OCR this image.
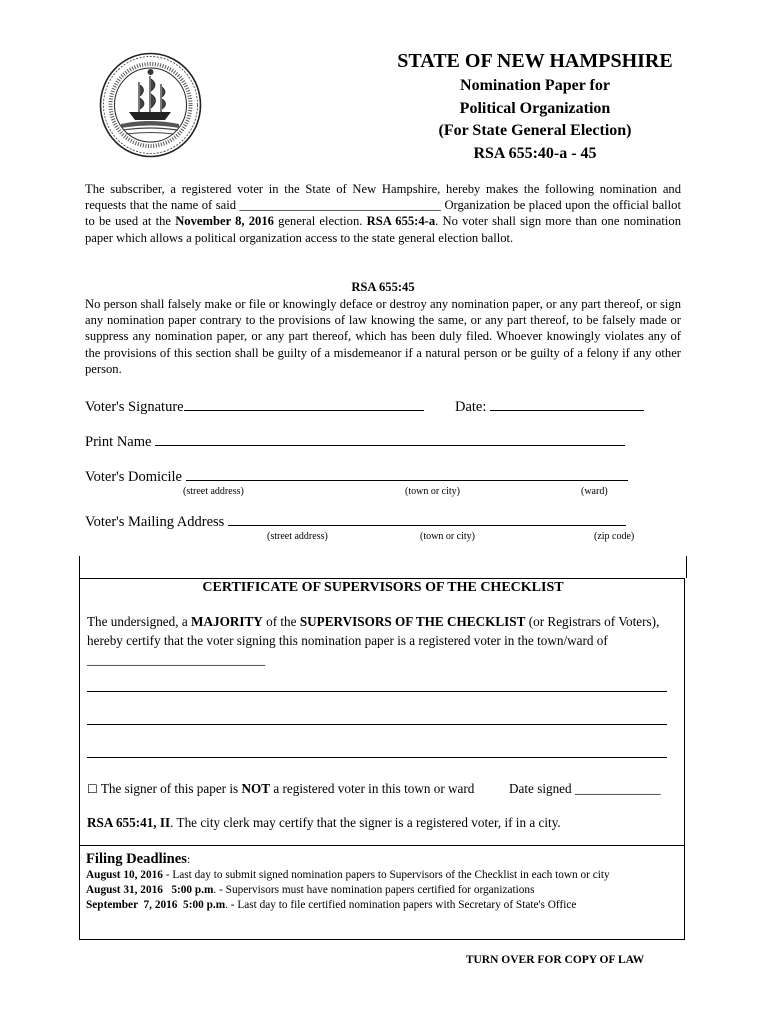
STATE OF NEW HAMPSHIRE
Nomination Paper for
Political Organization
(For State General Election)
RSA 655:40-a - 45
The subscriber, a registered voter in the State of New Hampshire, hereby makes the following nomination and requests that the name of said ________________________________ Organization be placed upon the official ballot to be used at the November 8, 2016 general election. RSA 655:4-a. No voter shall sign more than one nomination paper which allows a political organization access to the state general election ballot.
RSA 655:45
No person shall falsely make or file or knowingly deface or destroy any nomination paper, or any part thereof, or sign any nomination paper contrary to the provisions of law knowing the same, or any part thereof, to be falsely made or suppress any nomination paper, or any part thereof, which has been duly filed. Whoever knowingly violates any of the provisions of this section shall be guilty of a misdemeanor if a natural person or be guilty of a felony if any other person.
Voter's Signature	Date:
Print Name
Voter's Domicile
(street address)	(town or city)	(ward)
Voter's Mailing Address
(street address)	(town or city)	(zip code)
CERTIFICATE OF SUPERVISORS OF THE CHECKLIST
The undersigned, a MAJORITY of the SUPERVISORS OF THE CHECKLIST (or Registrars of Voters), hereby certify that the voter signing this nomination paper is a registered voter in the town/ward of ___________________________
☐ The signer of this paper is NOT a registered voter in this town or ward	Date signed _____________
RSA 655:41, II. The city clerk may certify that the signer is a registered voter, if in a city.
Filing Deadlines:
August 10, 2016 - Last day to submit signed nomination papers to Supervisors of the Checklist in each town or city
August 31, 2016   5:00 p.m. - Supervisors must have nomination papers certified for organizations
September  7, 2016  5:00 p.m. - Last day to file certified nomination papers with Secretary of State's Office
TURN OVER FOR COPY OF LAW
